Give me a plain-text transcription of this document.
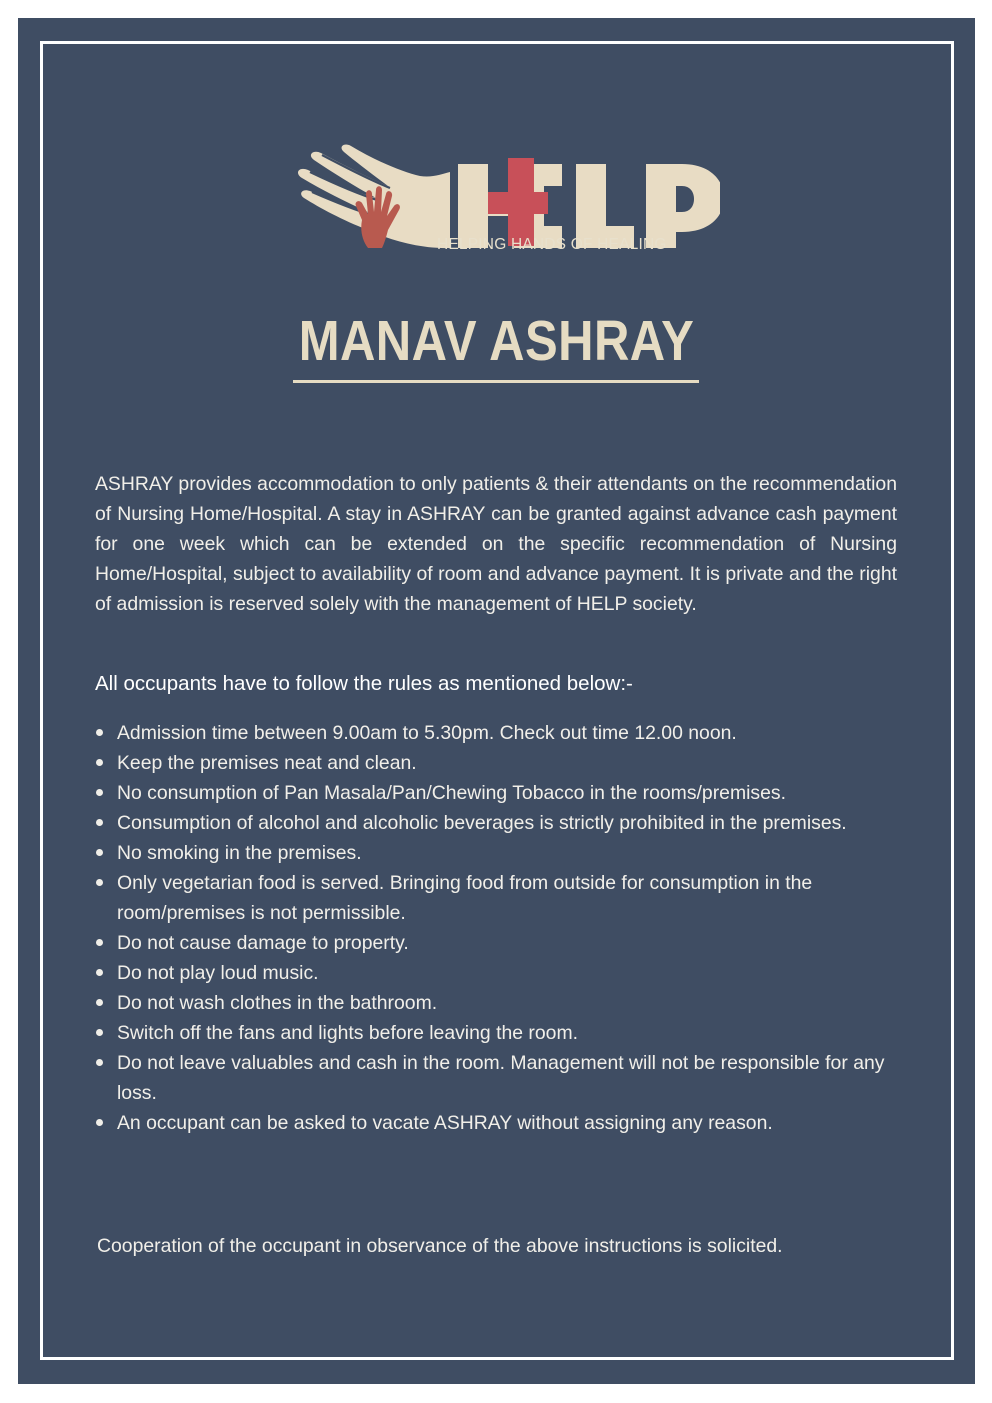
HELPING HANDS OF HEALING
MANAV ASHRAY

ASHRAY provides accommodation to only patients & their attendants on the recommendation of Nursing Home/Hospital. A stay in ASHRAY can be granted against advance cash payment for one week which can be extended on the specific recommendation of Nursing Home/Hospital, subject to availability of room and advance payment. It is private and the right of admission is reserved solely with the management of HELP society.

All occupants have to follow the rules as mentioned below:-
Admission time between 9.00am to 5.30pm. Check out time 12.00 noon.
Keep the premises neat and clean.
No consumption of Pan Masala/Pan/Chewing Tobacco in the rooms/premises.
Consumption of alcohol and alcoholic beverages is strictly prohibited in the premises.
No smoking in the premises.
Only vegetarian food is served. Bringing food from outside for consumption in the room/premises is not permissible.
Do not cause damage to property.
Do not play loud music.
Do not wash clothes in the bathroom.
Switch off the fans and lights before leaving the room.
Do not leave valuables and cash in the room. Management will not be responsible for any loss.
An occupant can be asked to vacate ASHRAY without assigning any reason.
Cooperation of the occupant in observance of the above instructions is solicited.
